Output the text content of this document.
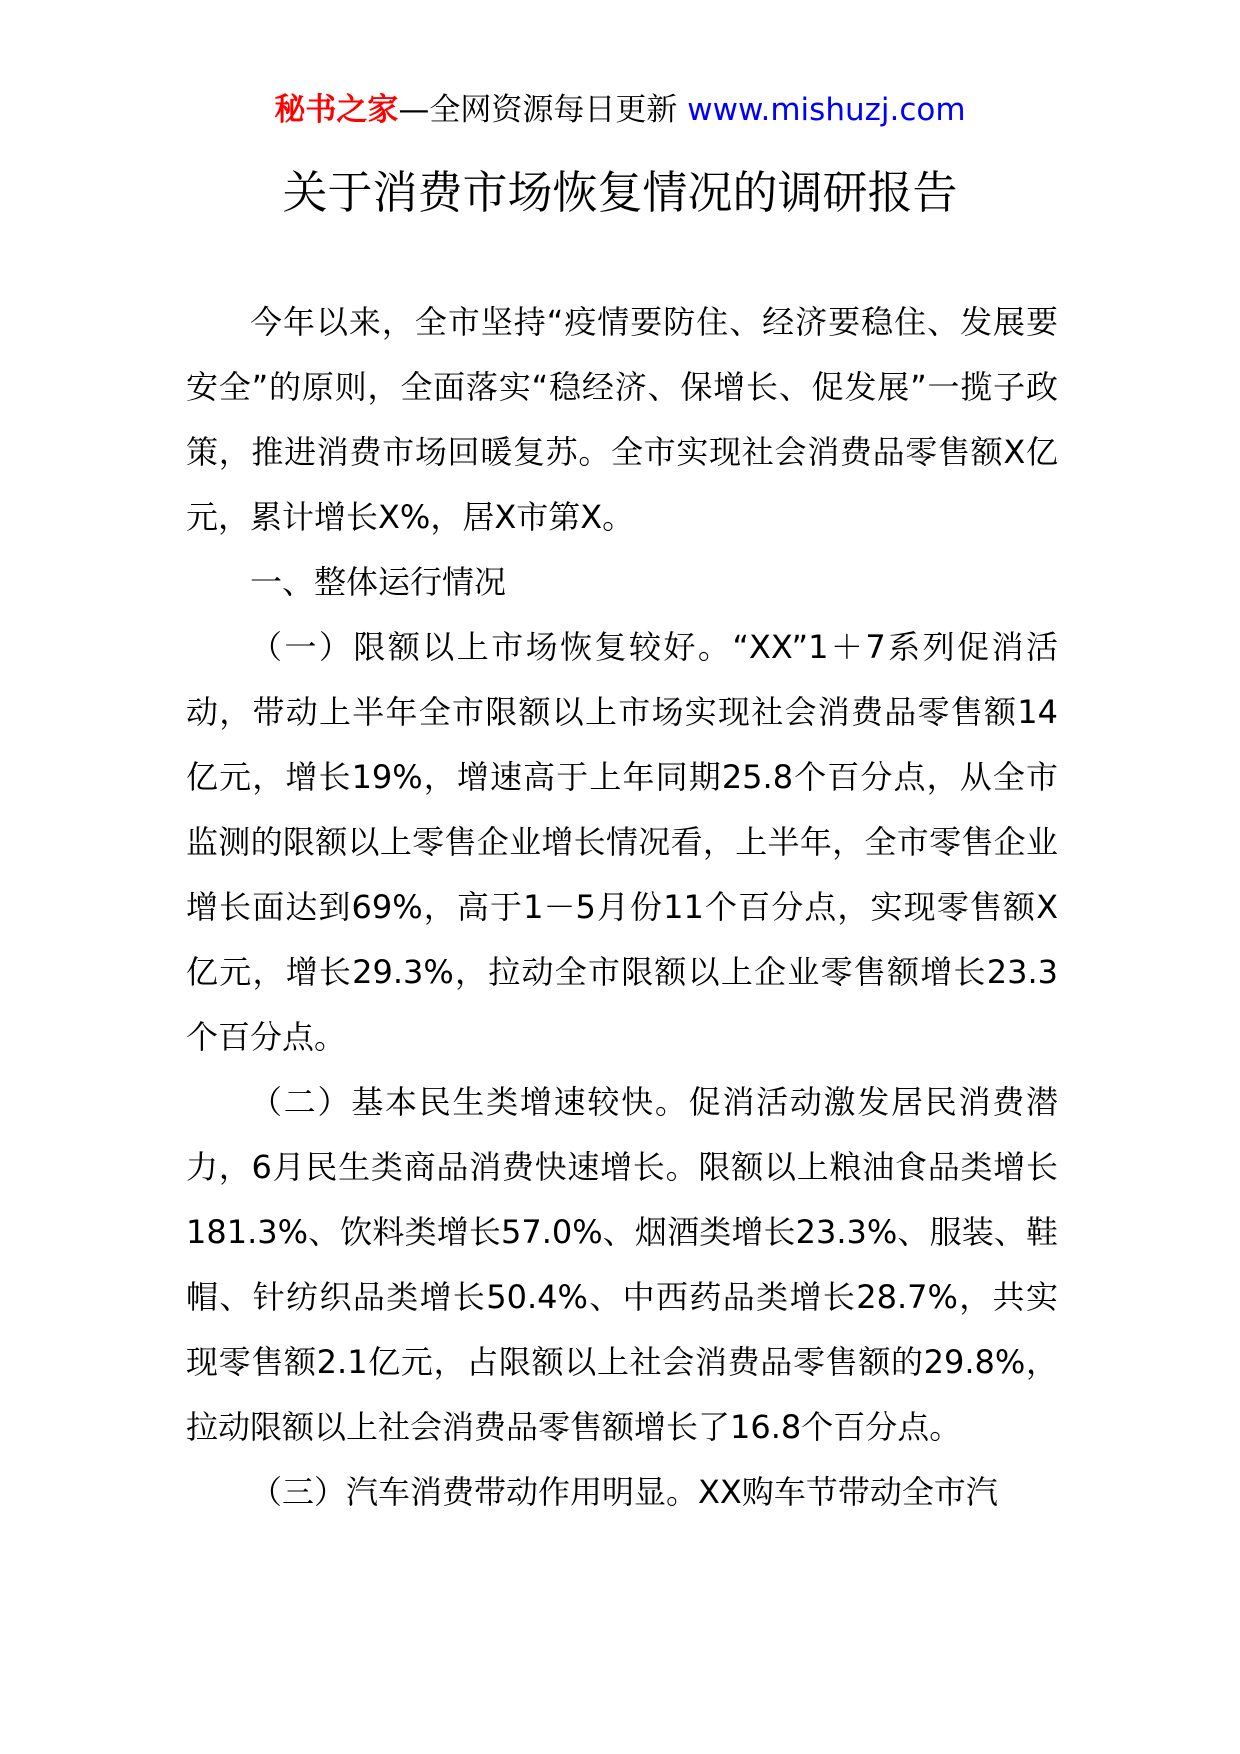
秘书之家—全网资源每日更新 www.mishuzj.com
关于消费市场恢复情况的调研报告

今年以来，全市坚持“疫情要防住、经济要稳住、发展要安全”的原则，全面落实“稳经济、保增长、促发展”一揽子政策，推进消费市场回暖复苏。全市实现社会消费品零售额X亿元，累计增长X%，居X市第X。

一、整体运行情况

（一）限额以上市场恢复较好。“XX”1＋7系列促消活动，带动上半年全市限额以上市场实现社会消费品零售额14亿元，增长19%，增速高于上年同期25.8个百分点，从全市监测的限额以上零售企业增长情况看，上半年，全市零售企业增长面达到69%，高于1－5月份11个百分点，实现零售额X亿元，增长29.3%，拉动全市限额以上企业零售额增长23.3个百分点。

（二）基本民生类增速较快。促消活动激发居民消费潜力，6月民生类商品消费快速增长。限额以上粮油食品类增长181.3%、饮料类增长57.0%、烟酒类增长23.3%、服装、鞋帽、针纺织品类增长50.4%、中西药品类增长28.7%，共实现零售额2.1亿元，占限额以上社会消费品零售额的29.8%，拉动限额以上社会消费品零售额增长了16.8个百分点。

（三）汽车消费带动作用明显。XX购车节带动全市汽
